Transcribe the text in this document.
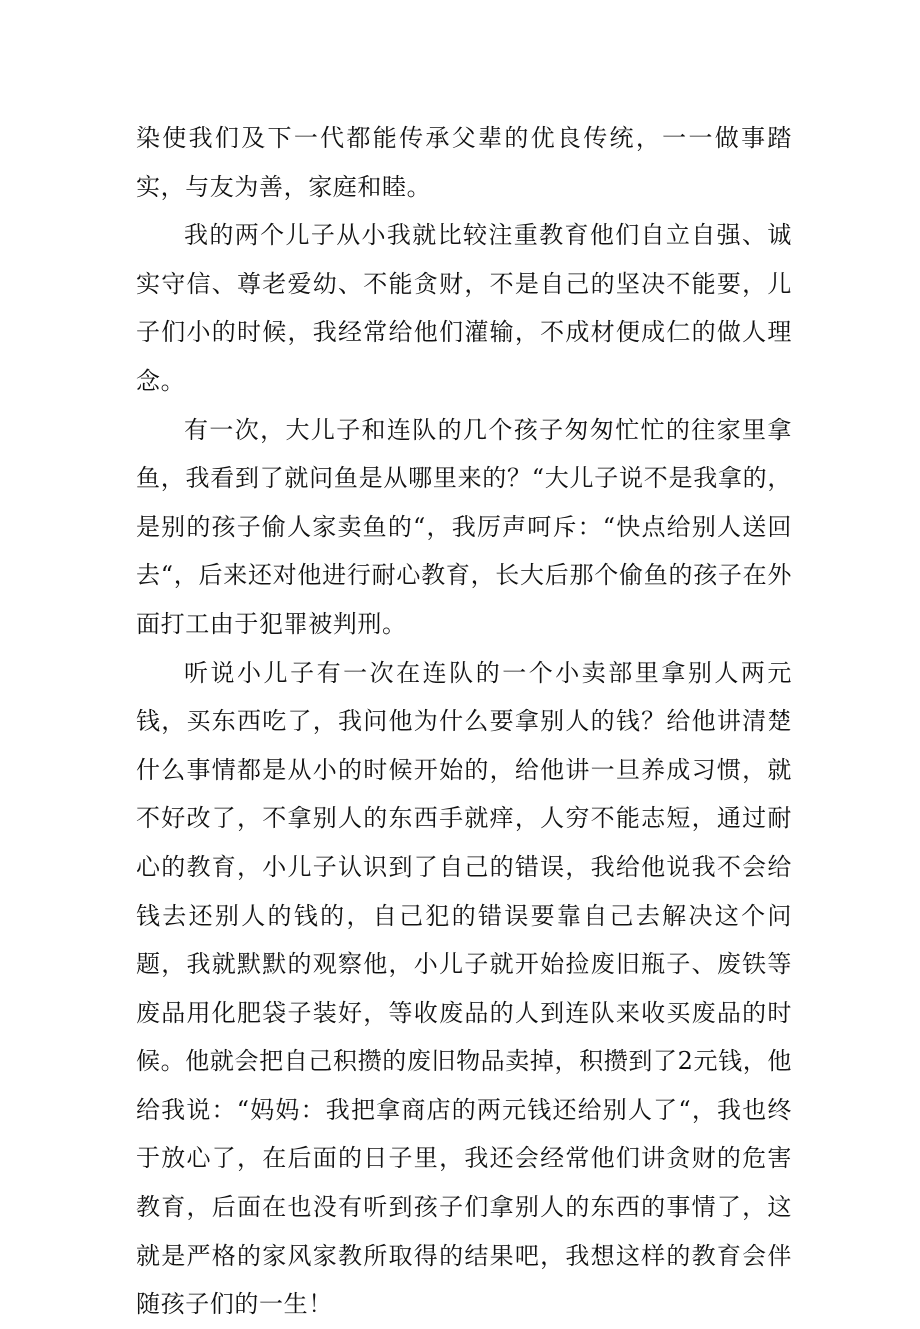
染使我们及下一代都能传承父辈的优良传统，一一做事踏实，与友为善，家庭和睦。

我的两个儿子从小我就比较注重教育他们自立自强、诚实守信、尊老爱幼、不能贪财，不是自己的坚决不能要，儿子们小的时候，我经常给他们灌输，不成材便成仁的做人理念。

有一次，大儿子和连队的几个孩子匆匆忙忙的往家里拿鱼，我看到了就问鱼是从哪里来的？“大儿子说不是我拿的，是别的孩子偷人家卖鱼的“，我厉声呵斥：“快点给别人送回去“，后来还对他进行耐心教育，长大后那个偷鱼的孩子在外面打工由于犯罪被判刑。

听说小儿子有一次在连队的一个小卖部里拿别人两元钱，买东西吃了，我问他为什么要拿别人的钱？给他讲清楚什么事情都是从小的时候开始的，给他讲一旦养成习惯，就不好改了，不拿别人的东西手就痒，人穷不能志短，通过耐心的教育，小儿子认识到了自己的错误，我给他说我不会给钱去还别人的钱的，自己犯的错误要靠自己去解决这个问题，我就默默的观察他，小儿子就开始捡废旧瓶子、废铁等废品用化肥袋子装好，等收废品的人到连队来收买废品的时候。他就会把自己积攒的废旧物品卖掉，积攒到了2元钱，他给我说：“妈妈：我把拿商店的两元钱还给别人了“，我也终于放心了，在后面的日子里，我还会经常他们讲贪财的危害教育，后面在也没有听到孩子们拿别人的东西的事情了，这就是严格的家风家教所取得的结果吧，我想这样的教育会伴随孩子们的一生！
